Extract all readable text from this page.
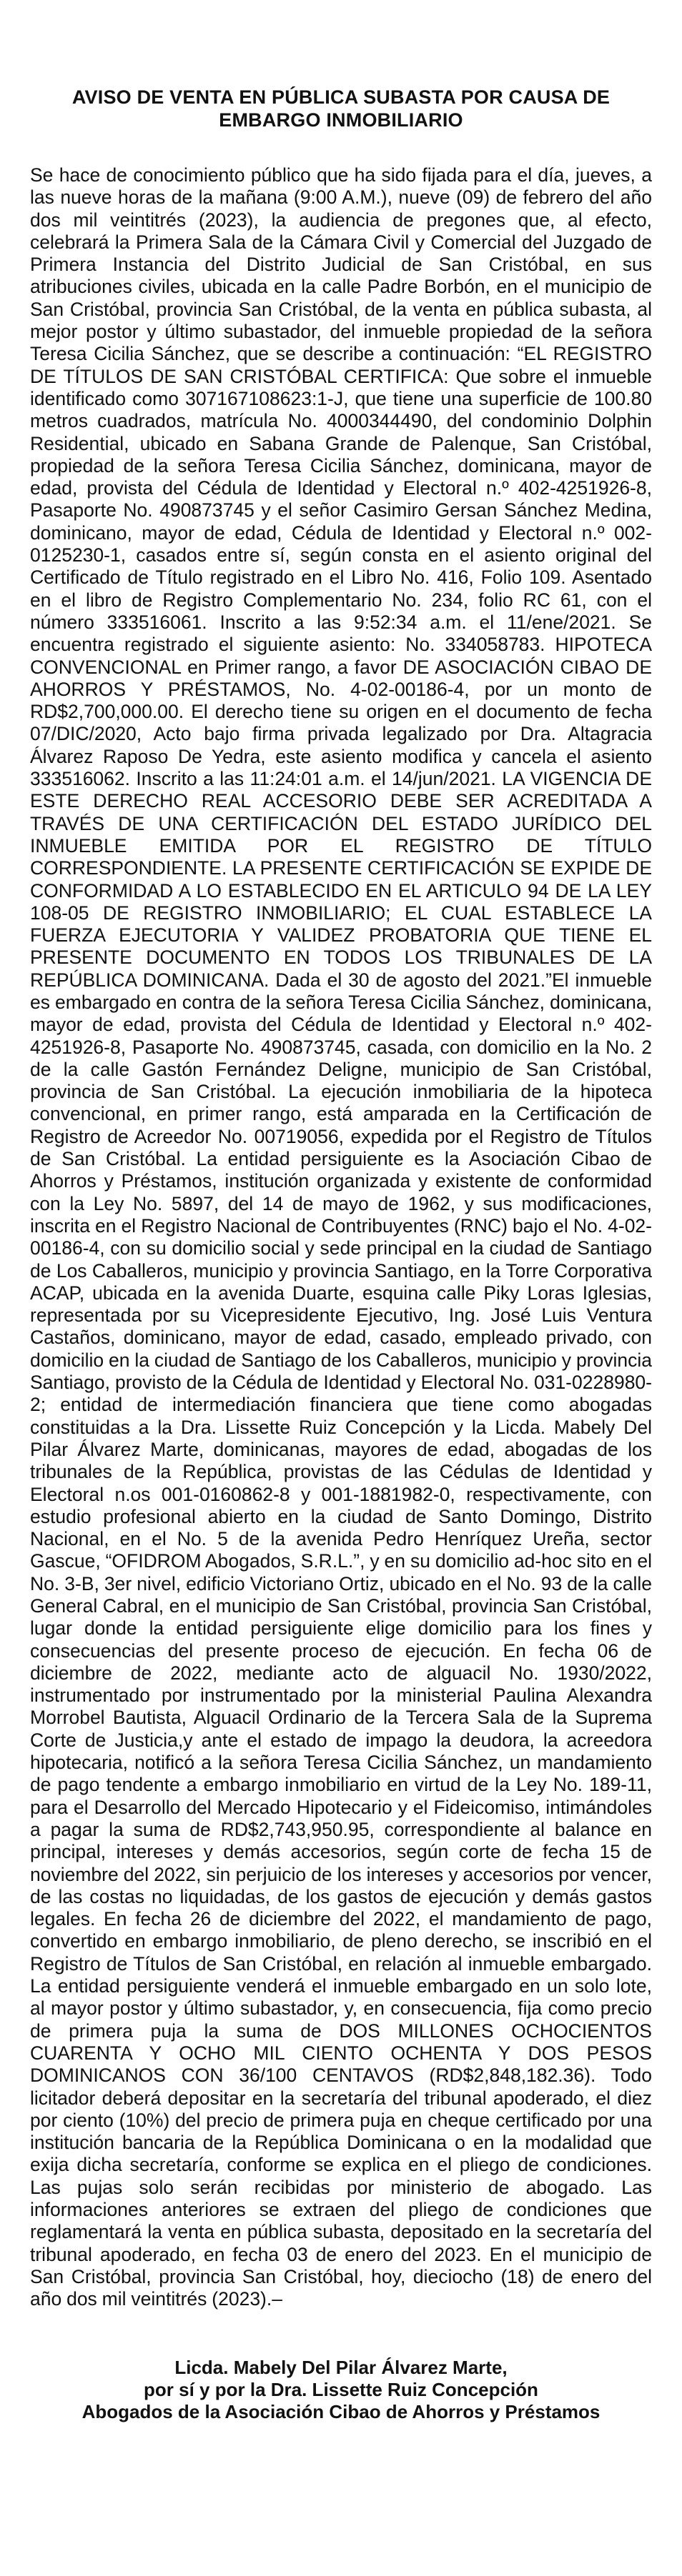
AVISO DE VENTA EN PÚBLICA SUBASTA POR CAUSA DE
EMBARGO INMOBILIARIO

Se hace de conocimiento público que ha sido fijada para el día, jueves, a las nueve horas de la mañana (9:00 A.M.), nueve (09) de febrero del año dos mil veintitrés (2023), la audiencia de pregones que, al efecto, celebrará la Primera Sala de la Cámara Civil y Comercial del Juzgado de Primera Instancia del Distrito Judicial de San Cristóbal, en sus atribuciones civiles, ubicada en la calle Padre Borbón, en el municipio de San Cristóbal, provincia San Cristóbal, de la venta en pública subasta, al mejor postor y último subastador, del inmueble propiedad de la señora Teresa Cicilia Sánchez, que se describe a continuación: “EL REGISTRO DE TÍTULOS DE SAN CRISTÓBAL CERTIFICA: Que sobre el inmueble identificado como 307167108623:1-J, que tiene una superficie de 100.80 metros cuadrados, matrícula No. 4000344490, del condominio Dolphin Residential, ubicado en Sabana Grande de Palenque, San Cristóbal, propiedad de la señora Teresa Cicilia Sánchez, dominicana, mayor de edad, provista del Cédula de Identidad y Electoral n.º 402-4251926-8, Pasaporte No. 490873745 y el señor Casimiro Gersan Sánchez Medina, dominicano, mayor de edad, Cédula de Identidad y Electoral n.º 002-0125230-1, casados entre sí, según consta en el asiento original del Certificado de Título registrado en el Libro No. 416, Folio 109. Asentado en el libro de Registro Complementario No. 234, folio RC 61, con el número 333516061. Inscrito a las 9:52:34 a.m. el 11/ene/2021. Se encuentra registrado el siguiente asiento: No. 334058783. HIPOTECA CONVENCIONAL en Primer rango, a favor DE ASOCIACIÓN CIBAO DE AHORROS Y PRÉSTAMOS, No. 4-02-00186-4, por un monto de RD$2,700,000.00. El derecho tiene su origen en el documento de fecha 07/DIC/2020, Acto bajo firma privada legalizado por Dra. Altagracia Álvarez Raposo De Yedra, este asiento modifica y cancela el asiento 333516062. Inscrito a las 11:24:01 a.m. el 14/jun/2021. LA VIGENCIA DE ESTE DERECHO REAL ACCESORIO DEBE SER ACREDITADA A TRAVÉS DE UNA CERTIFICACIÓN DEL ESTADO JURÍDICO DEL INMUEBLE EMITIDA POR EL REGISTRO DE TÍTULO CORRESPONDIENTE. LA PRESENTE CERTIFICACIÓN SE EXPIDE DE CONFORMIDAD A LO ESTABLECIDO EN EL ARTICULO 94 DE LA LEY 108-05 DE REGISTRO INMOBILIARIO; EL CUAL ESTABLECE LA FUERZA EJECUTORIA Y VALIDEZ PROBATORIA QUE TIENE EL PRESENTE DOCUMENTO EN TODOS LOS TRIBUNALES DE LA REPÚBLICA DOMINICANA. Dada el 30 de agosto del 2021.”El inmueble es embargado en contra de la señora Teresa Cicilia Sánchez, dominicana, mayor de edad, provista del Cédula de Identidad y Electoral n.º 402-4251926-8, Pasaporte No. 490873745, casada, con domicilio en la No. 2 de la calle Gastón Fernández Deligne, municipio de San Cristóbal, provincia de San Cristóbal. La ejecución inmobiliaria de la hipoteca convencional, en primer rango, está amparada en la Certificación de Registro de Acreedor No. 00719056, expedida por el Registro de Títulos de San Cristóbal. La entidad persiguiente es la Asociación Cibao de Ahorros y Préstamos, institución organizada y existente de conformidad con la Ley No. 5897, del 14 de mayo de 1962, y sus modificaciones, inscrita en el Registro Nacional de Contribuyentes (RNC) bajo el No. 4-02-00186-4, con su domicilio social y sede principal en la ciudad de Santiago de Los Caballeros, municipio y provincia Santiago, en la Torre Corporativa ACAP, ubicada en la avenida Duarte, esquina calle Piky Loras Iglesias, representada por su Vicepresidente Ejecutivo, Ing. José Luis Ventura Castaños, dominicano, mayor de edad, casado, empleado privado, con domicilio en la ciudad de Santiago de los Caballeros, municipio y provincia Santiago, provisto de la Cédula de Identidad y Electoral No. 031-0228980-2; entidad de intermediación financiera que tiene como abogadas constituidas a la Dra. Lissette Ruiz Concepción y la Licda. Mabely Del Pilar Álvarez Marte, dominicanas, mayores de edad, abogadas de los tribunales de la República, provistas de las Cédulas de Identidad y Electoral n.os 001-0160862-8 y 001-1881982-0, respectivamente, con estudio profesional abierto en la ciudad de Santo Domingo, Distrito Nacional, en el No. 5 de la avenida Pedro Henríquez Ureña, sector Gascue, “OFIDROM Abogados, S.R.L.”, y en su domicilio ad-hoc sito en el No. 3-B, 3er nivel, edificio Victoriano Ortiz, ubicado en el No. 93 de la calle General Cabral, en el municipio de San Cristóbal, provincia San Cristóbal, lugar donde la entidad persiguiente elige domicilio para los fines y consecuencias del presente proceso de ejecución. En fecha 06 de diciembre de 2022, mediante acto de alguacil No. 1930/2022, instrumentado por instrumentado por la ministerial Paulina Alexandra Morrobel Bautista, Alguacil Ordinario de la Tercera Sala de la Suprema Corte de Justicia,y ante el estado de impago la deudora, la acreedora hipotecaria, notificó a la señora Teresa Cicilia Sánchez, un mandamiento de pago tendente a embargo inmobiliario en virtud de la Ley No. 189-11, para el Desarrollo del Mercado Hipotecario y el Fideicomiso, intimándoles a pagar la suma de RD$2,743,950.95, correspondiente al balance en principal, intereses y demás accesorios, según corte de fecha 15 de noviembre del 2022, sin perjuicio de los intereses y accesorios por vencer, de las costas no liquidadas, de los gastos de ejecución y demás gastos legales. En fecha 26 de diciembre del 2022, el mandamiento de pago, convertido en embargo inmobiliario, de pleno derecho, se inscribió en el Registro de Títulos de San Cristóbal, en relación al inmueble embargado. La entidad persiguiente venderá el inmueble embargado en un solo lote, al mayor postor y último subastador, y, en consecuencia, fija como precio de primera puja la suma de DOS MILLONES OCHOCIENTOS CUARENTA Y OCHO MIL CIENTO OCHENTA Y DOS PESOS DOMINICANOS CON 36/100 CENTAVOS (RD$2,848,182.36). Todo licitador deberá depositar en la secretaría del tribunal apoderado, el diez por ciento (10%) del precio de primera puja en cheque certificado por una institución bancaria de la República Dominicana o en la modalidad que exija dicha secretaría, conforme se explica en el pliego de condiciones. Las pujas solo serán recibidas por ministerio de abogado. Las informaciones anteriores se extraen del pliego de condiciones que reglamentará la venta en pública subasta, depositado en la secretaría del tribunal apoderado, en fecha 03 de enero del 2023. En el municipio de San Cristóbal, provincia San Cristóbal, hoy, dieciocho (18) de enero del año dos mil veintitrés (2023).–

Licda. Mabely Del Pilar Álvarez Marte,
por sí y por la Dra. Lissette Ruiz Concepción
Abogados de la Asociación Cibao de Ahorros y Préstamos
